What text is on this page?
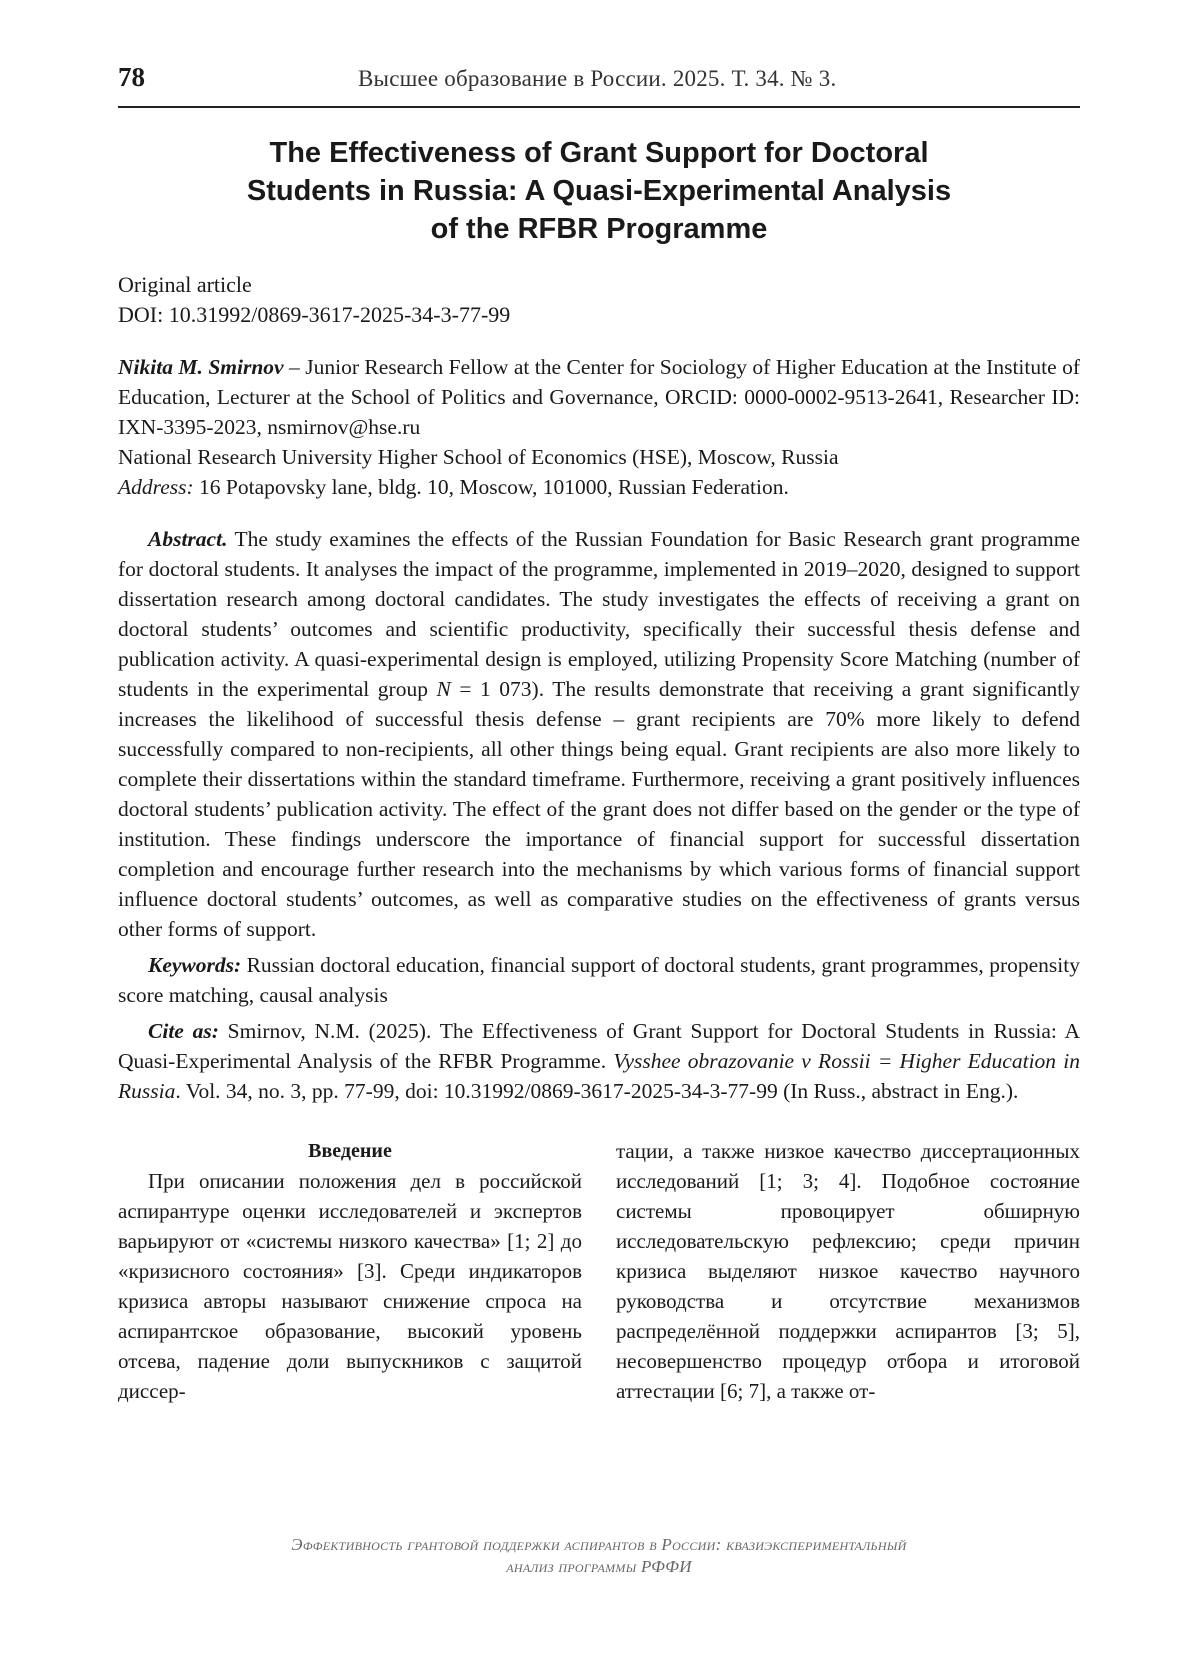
78	Высшее образование в России. 2025. Т. 34. № 3.
The Effectiveness of Grant Support for Doctoral
Students in Russia: A Quasi-Experimental Analysis
of the RFBR Programme
Original article
DOI: 10.31992/0869-3617-2025-34-3-77-99

Nikita M. Smirnov – Junior Research Fellow at the Center for Sociology of Higher Education at the Institute of Education, Lecturer at the School of Politics and Governance, ORCID: 0000-0002-9513-2641, Researcher ID: IXN-3395-2023, nsmirnov@hse.ru

National Research University Higher School of Economics (HSE), Moscow, Russia

Address: 16 Potapovsky lane, bldg. 10, Moscow, 101000, Russian Federation.

Abstract. The study examines the effects of the Russian Foundation for Basic Research grant programme for doctoral students. It analyses the impact of the programme, implemented in 2019–2020, designed to support dissertation research among doctoral candidates. The study investigates the effects of receiving a grant on doctoral students’ outcomes and scientific productivity, specifically their successful thesis defense and publication activity. A quasi-experimental design is employed, utilizing Propensity Score Matching (number of students in the experimental group N = 1 073). The results demonstrate that receiving a grant significantly increases the likelihood of successful thesis defense – grant recipients are 70% more likely to defend successfully compared to non-recipients, all other things being equal. Grant recipients are also more likely to complete their dissertations within the standard timeframe. Furthermore, receiving a grant positively influences doctoral students’ publication activity. The effect of the grant does not differ based on the gender or the type of institution. These findings underscore the importance of financial support for successful dissertation completion and encourage further research into the mechanisms by which various forms of financial support influence doctoral students’ outcomes, as well as comparative studies on the effectiveness of grants versus other forms of support.

Keywords: Russian doctoral education, financial support of doctoral students, grant programmes, propensity score matching, causal analysis

Cite as: Smirnov, N.M. (2025). The Effectiveness of Grant Support for Doctoral Students in Russia: A Quasi-Experimental Analysis of the RFBR Programme. Vysshee obrazovanie v Rossii = Higher Education in Russia. Vol. 34, no. 3, pp. 77-99, doi: 10.31992/0869-3617-2025-34-3-77-99 (In Russ., abstract in Eng.).

Введение

При описании положения дел в российской аспирантуре оценки исследователей и экспертов варьируют от «системы низкого качества» [1; 2] до «кризисного состояния» [3]. Среди индикаторов кризиса авторы называют снижение спроса на аспирантское образование, высокий уровень отсева, падение доли выпускников с защитой диссер-

тации, а также низкое качество диссертационных исследований [1; 3; 4]. Подобное состояние системы провоцирует обширную исследовательскую рефлексию; среди причин кризиса выделяют низкое качество научного руководства и отсутствие механизмов распределённой поддержки аспирантов [3; 5], несовершенство процедур отбора и итоговой аттестации [6; 7], а также от-

Эффективность грантовой поддержки аспирантов в России: квазиэкспериментальный
анализ программы РФФИ
